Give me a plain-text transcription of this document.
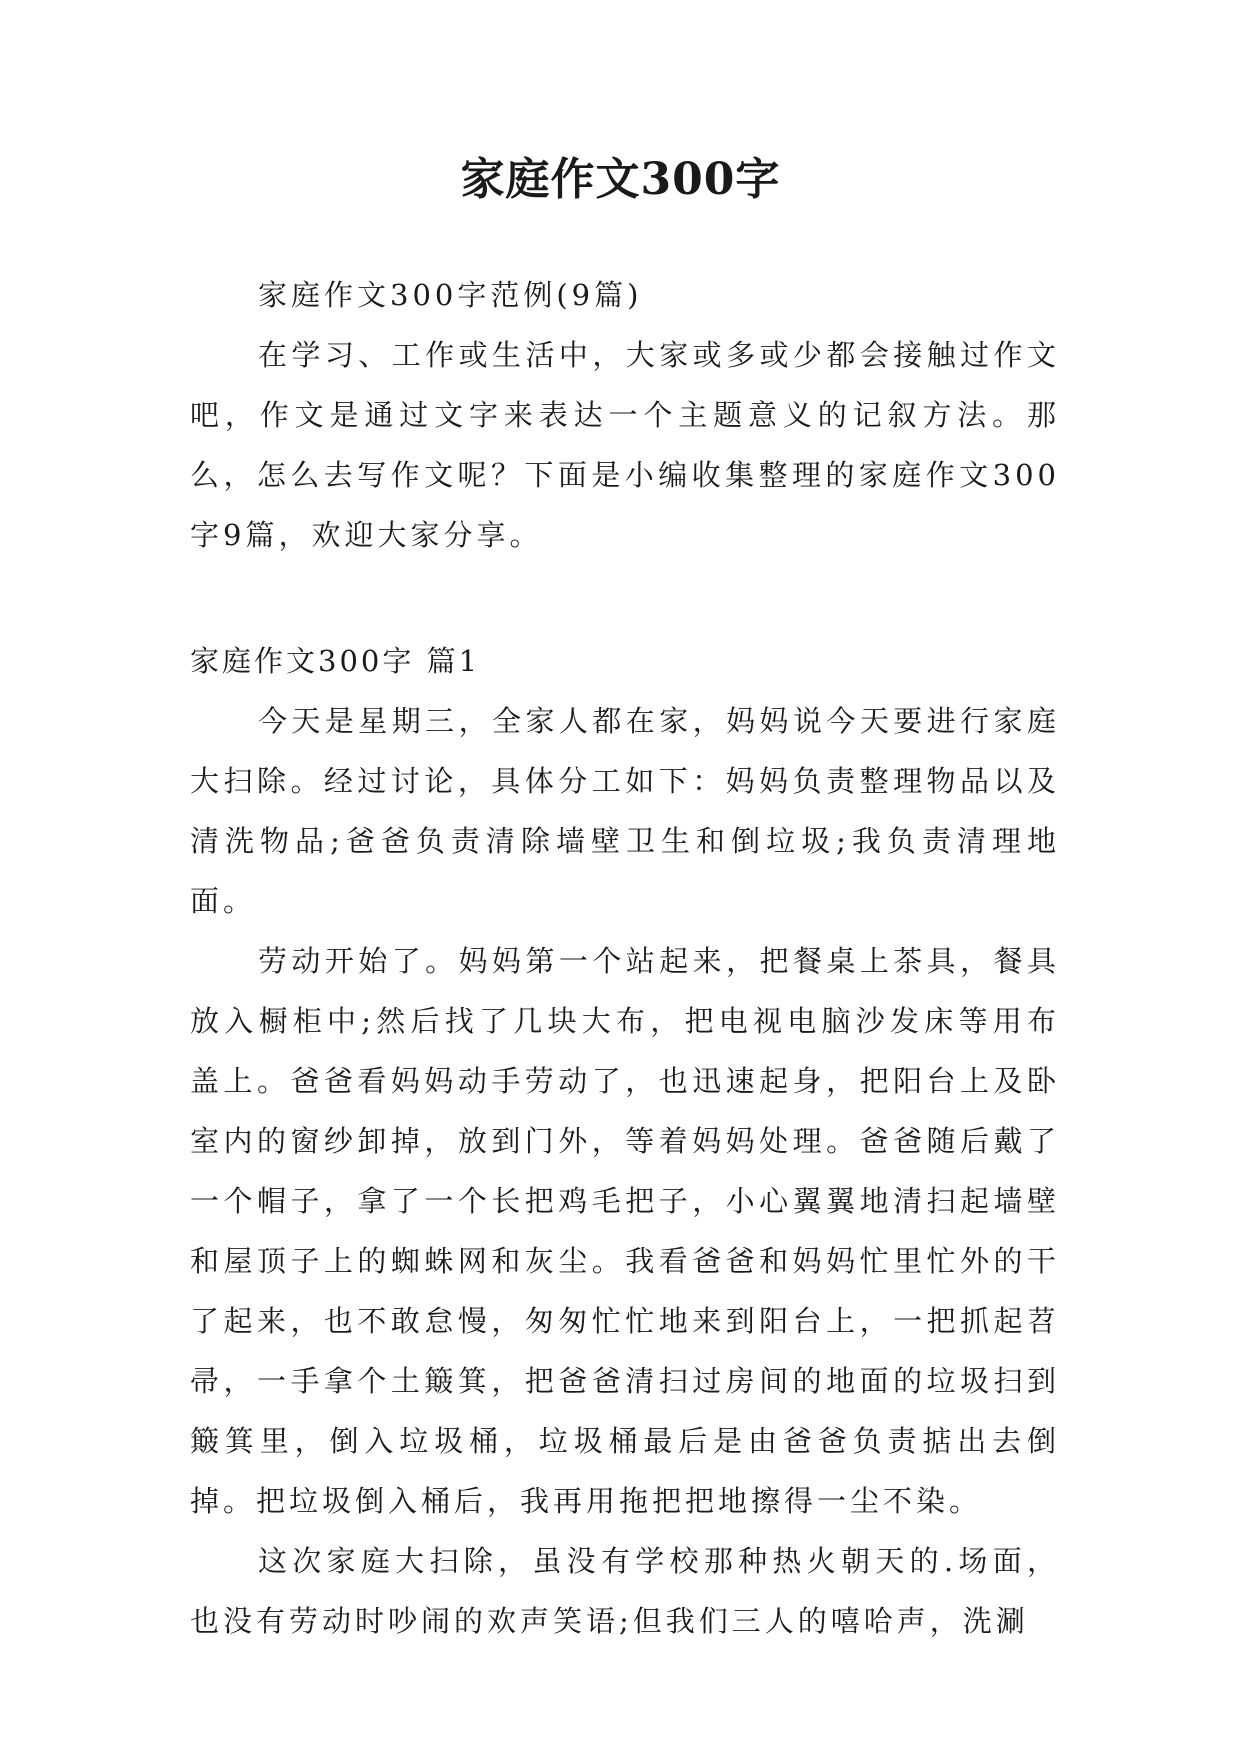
家庭作文300字

家庭作文300字范例(9篇)

在学习、工作或生活中，大家或多或少都会接触过作文吧，作文是通过文字来表达一个主题意义的记叙方法。那么，怎么去写作文呢？下面是小编收集整理的家庭作文300字9篇，欢迎大家分享。

家庭作文300字 篇1

今天是星期三，全家人都在家，妈妈说今天要进行家庭大扫除。经过讨论，具体分工如下：妈妈负责整理物品以及清洗物品;爸爸负责清除墙壁卫生和倒垃圾;我负责清理地面。

劳动开始了。妈妈第一个站起来，把餐桌上茶具，餐具放入橱柜中;然后找了几块大布，把电视电脑沙发床等用布盖上。爸爸看妈妈动手劳动了，也迅速起身，把阳台上及卧室内的窗纱卸掉，放到门外，等着妈妈处理。爸爸随后戴了一个帽子，拿了一个长把鸡毛把子，小心翼翼地清扫起墙壁和屋顶子上的蜘蛛网和灰尘。我看爸爸和妈妈忙里忙外的干了起来，也不敢怠慢，匆匆忙忙地来到阳台上，一把抓起苕帚，一手拿个土簸箕，把爸爸清扫过房间的地面的垃圾扫到簸箕里，倒入垃圾桶，垃圾桶最后是由爸爸负责掂出去倒掉。把垃圾倒入桶后，我再用拖把把地擦得一尘不染。

这次家庭大扫除，虽没有学校那种热火朝天的.场面，也没有劳动时吵闹的欢声笑语;但我们三人的嘻哈声，洗涮
